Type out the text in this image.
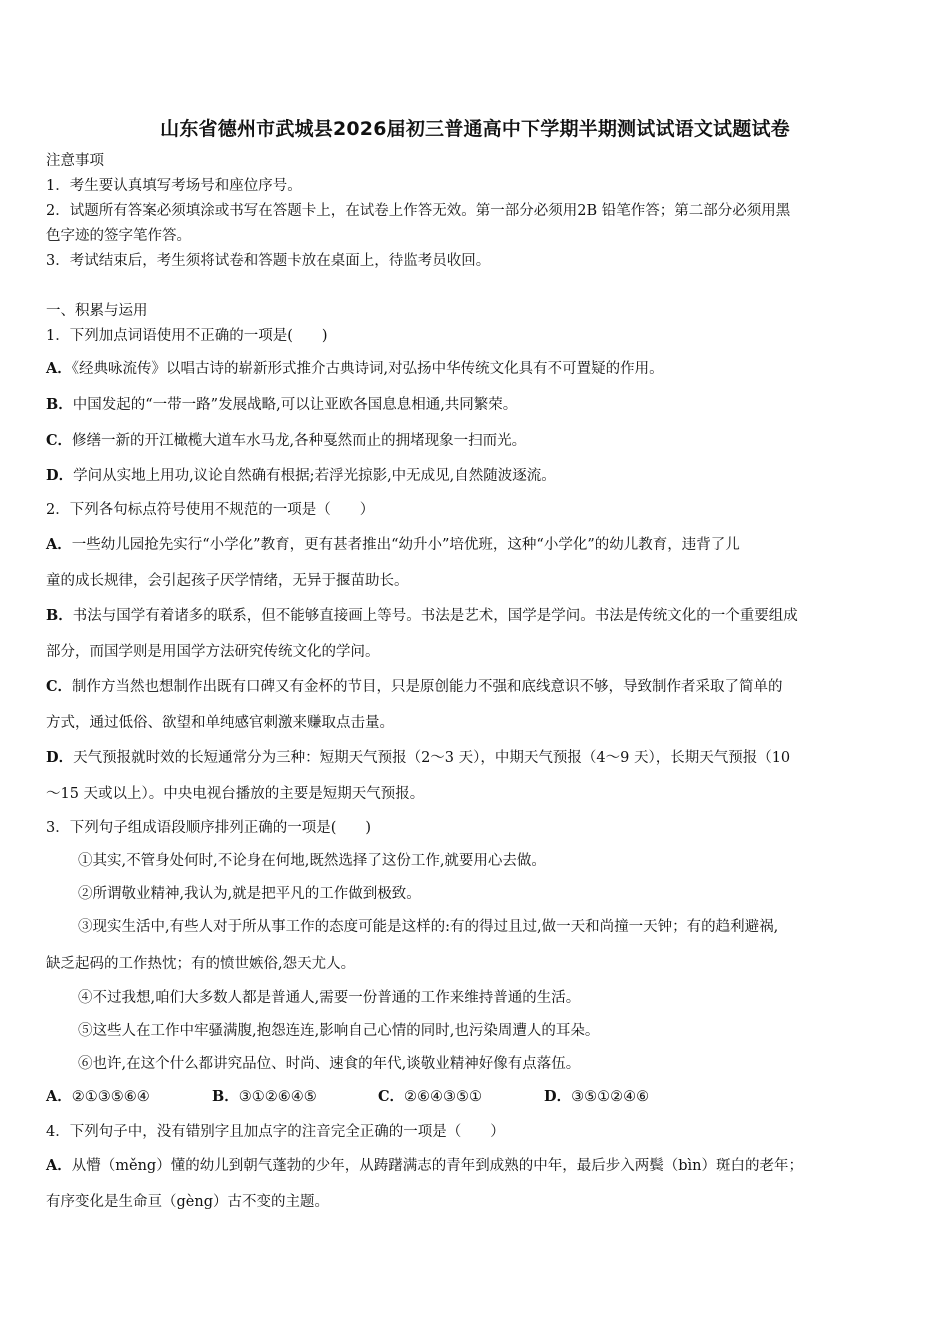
山东省德州市武城县2026届初三普通高中下学期半期测试试语文试题试卷
注意事项
1．考生要认真填写考场号和座位序号。
2．试题所有答案必须填涂或书写在答题卡上，在试卷上作答无效。第一部分必须用2B 铅笔作答；第二部分必须用黑
色字迹的签字笔作答。
3．考试结束后，考生须将试卷和答题卡放在桌面上，待监考员收回。
一、积累与运用
1．下列加点词语使用不正确的一项是(　　)
A．《经典咏流传》以唱古诗的崭新形式推介古典诗词,对弘扬中华传统文化具有不可置疑的作用。
B．中国发起的“一带一路”发展战略,可以让亚欧各国息息相通,共同繁荣。
C．修缮一新的开江橄榄大道车水马龙,各种戛然而止的拥堵现象一扫而光。
D．学问从实地上用功,议论自然确有根据;若浮光掠影,中无成见,自然随波逐流。
2．下列各句标点符号使用不规范的一项是（　　）
A．一些幼儿园抢先实行“小学化”教育，更有甚者推出“幼升小”培优班，这种“小学化”的幼儿教育，违背了儿
童的成长规律，会引起孩子厌学情绪，无异于揠苗助长。
B．书法与国学有着诸多的联系，但不能够直接画上等号。书法是艺术，国学是学问。书法是传统文化的一个重要组成
部分，而国学则是用国学方法研究传统文化的学问。
C．制作方当然也想制作出既有口碑又有金杯的节目，只是原创能力不强和底线意识不够，导致制作者采取了简单的
方式，通过低俗、欲望和单纯感官刺激来赚取点击量。
D．天气预报就时效的长短通常分为三种：短期天气预报（2～3 天），中期天气预报（4～9 天），长期天气预报（10
～15 天或以上）。中央电视台播放的主要是短期天气预报。
3．下列句子组成语段顺序排列正确的一项是(　　)
①其实,不管身处何时,不论身在何地,既然选择了这份工作,就要用心去做。
②所谓敬业精神,我认为,就是把平凡的工作做到极致。
③现实生活中,有些人对于所从事工作的态度可能是这样的:有的得过且过,做一天和尚撞一天钟；有的趋利避祸,
缺乏起码的工作热忱；有的愤世嫉俗,怨天尤人。
④不过我想,咱们大多数人都是普通人,需要一份普通的工作来维持普通的生活。
⑤这些人在工作中牢骚满腹,抱怨连连,影响自己心情的同时,也污染周遭人的耳朵。
⑥也许,在这个什么都讲究品位、时尚、速食的年代,谈敬业精神好像有点落伍。
A．②①③⑤⑥④	B．③①②⑥④⑤	C．②⑥④③⑤①	D．③⑤①②④⑥
4．下列句子中，没有错别字且加点字的注音完全正确的一项是（　　）
A．从懵（měng）懂的幼儿到朝气蓬勃的少年，从踌躇满志的青年到成熟的中年，最后步入两鬓（bìn）斑白的老年；
有序变化是生命亘（gèng）古不变的主题。
